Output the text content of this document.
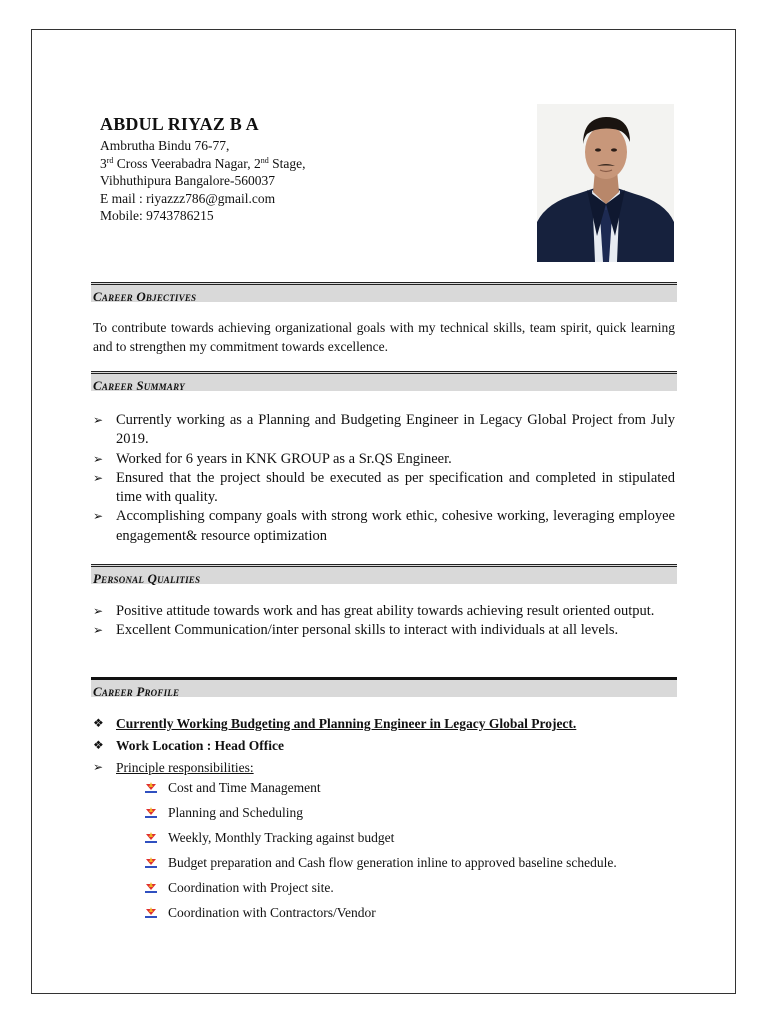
ABDUL RIYAZ B A
Ambrutha Bindu 76-77,
3rd Cross Veerabadra Nagar, 2nd Stage,
Vibhuthipura Bangalore-560037
E mail : riyazzz786@gmail.com
Mobile: 9743786215
Career Objectives
To contribute towards achieving organizational goals with my technical skills, team spirit, quick learning and to strengthen my commitment towards excellence.
Career Summary
➢ Currently working as a Planning and Budgeting Engineer in Legacy Global Project from July 2019.
➢ Worked for 6 years in KNK GROUP as a Sr.QS Engineer.
➢ Ensured that the project should be executed as per specification and completed in stipulated time with quality.
➢ Accomplishing company goals with strong work ethic, cohesive working, leveraging employee engagement& resource optimization
Personal Qualities
➢ Positive attitude towards work and has great ability towards achieving result oriented output.
➢ Excellent Communication/inter personal skills to interact with individuals at all levels.
Career Profile
❖ Currently Working Budgeting and Planning Engineer in Legacy Global Project.
❖ Work Location : Head Office
➢ Principle responsibilities:
Cost and Time Management
Planning and Scheduling
Weekly, Monthly Tracking against budget
Budget preparation and Cash flow generation inline to approved baseline schedule.
Coordination with Project site.
Coordination with Contractors/Vendor
